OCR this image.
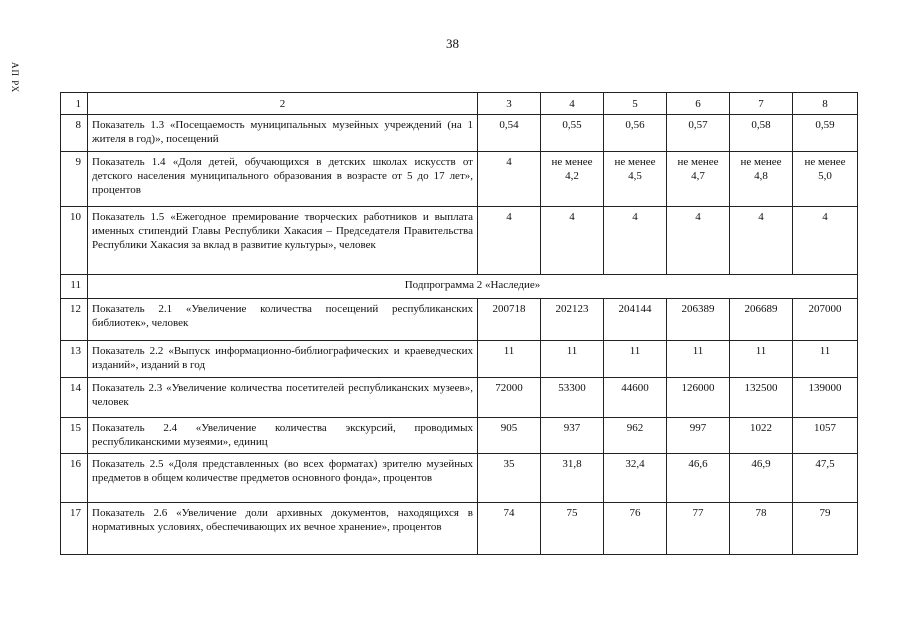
38
АП РХ
1	2	3	4	5	6	7	8
8	Показатель 1.3 «Посещаемость муниципальных музейных учреждений (на 1 жителя в год)», посещений	0,54	0,55	0,56	0,57	0,58	0,59
9	Показатель 1.4 «Доля детей, обучающихся в детских школах искусств от детского населения муниципального образования в возрасте от 5 до 17 лет», процентов	4	не менее 4,2	не менее 4,5	не менее 4,7	не менее 4,8	не менее 5,0
10	Показатель 1.5 «Ежегодное премирование творческих работников и выплата именных стипендий Главы Республики Хакасия – Председателя Правительства Республики Хакасия за вклад в развитие культуры», человек	4	4	4	4	4	4
11	Подпрограмма 2 «Наследие»						
12	Показатель 2.1 «Увеличение количества посещений республиканских библиотек», человек	200718	202123	204144	206389	206689	207000
13	Показатель 2.2 «Выпуск информационно-библиографических и краеведческих изданий», изданий в год	11	11	11	11	11	11
14	Показатель 2.3 «Увеличение количества посетителей республиканских музеев», человек	72000	53300	44600	126000	132500	139000
15	Показатель 2.4 «Увеличение количества экскурсий, проводимых республиканскими музеями», единиц	905	937	962	997	1022	1057
16	Показатель 2.5 «Доля представленных (во всех форматах) зрителю музейных предметов в общем количестве предметов основного фонда», процентов	35	31,8	32,4	46,6	46,9	47,5
17	Показатель 2.6 «Увеличение доли архивных документов, находящихся в нормативных условиях, обеспечивающих их вечное хранение», процентов	74	75	76	77	78	79
